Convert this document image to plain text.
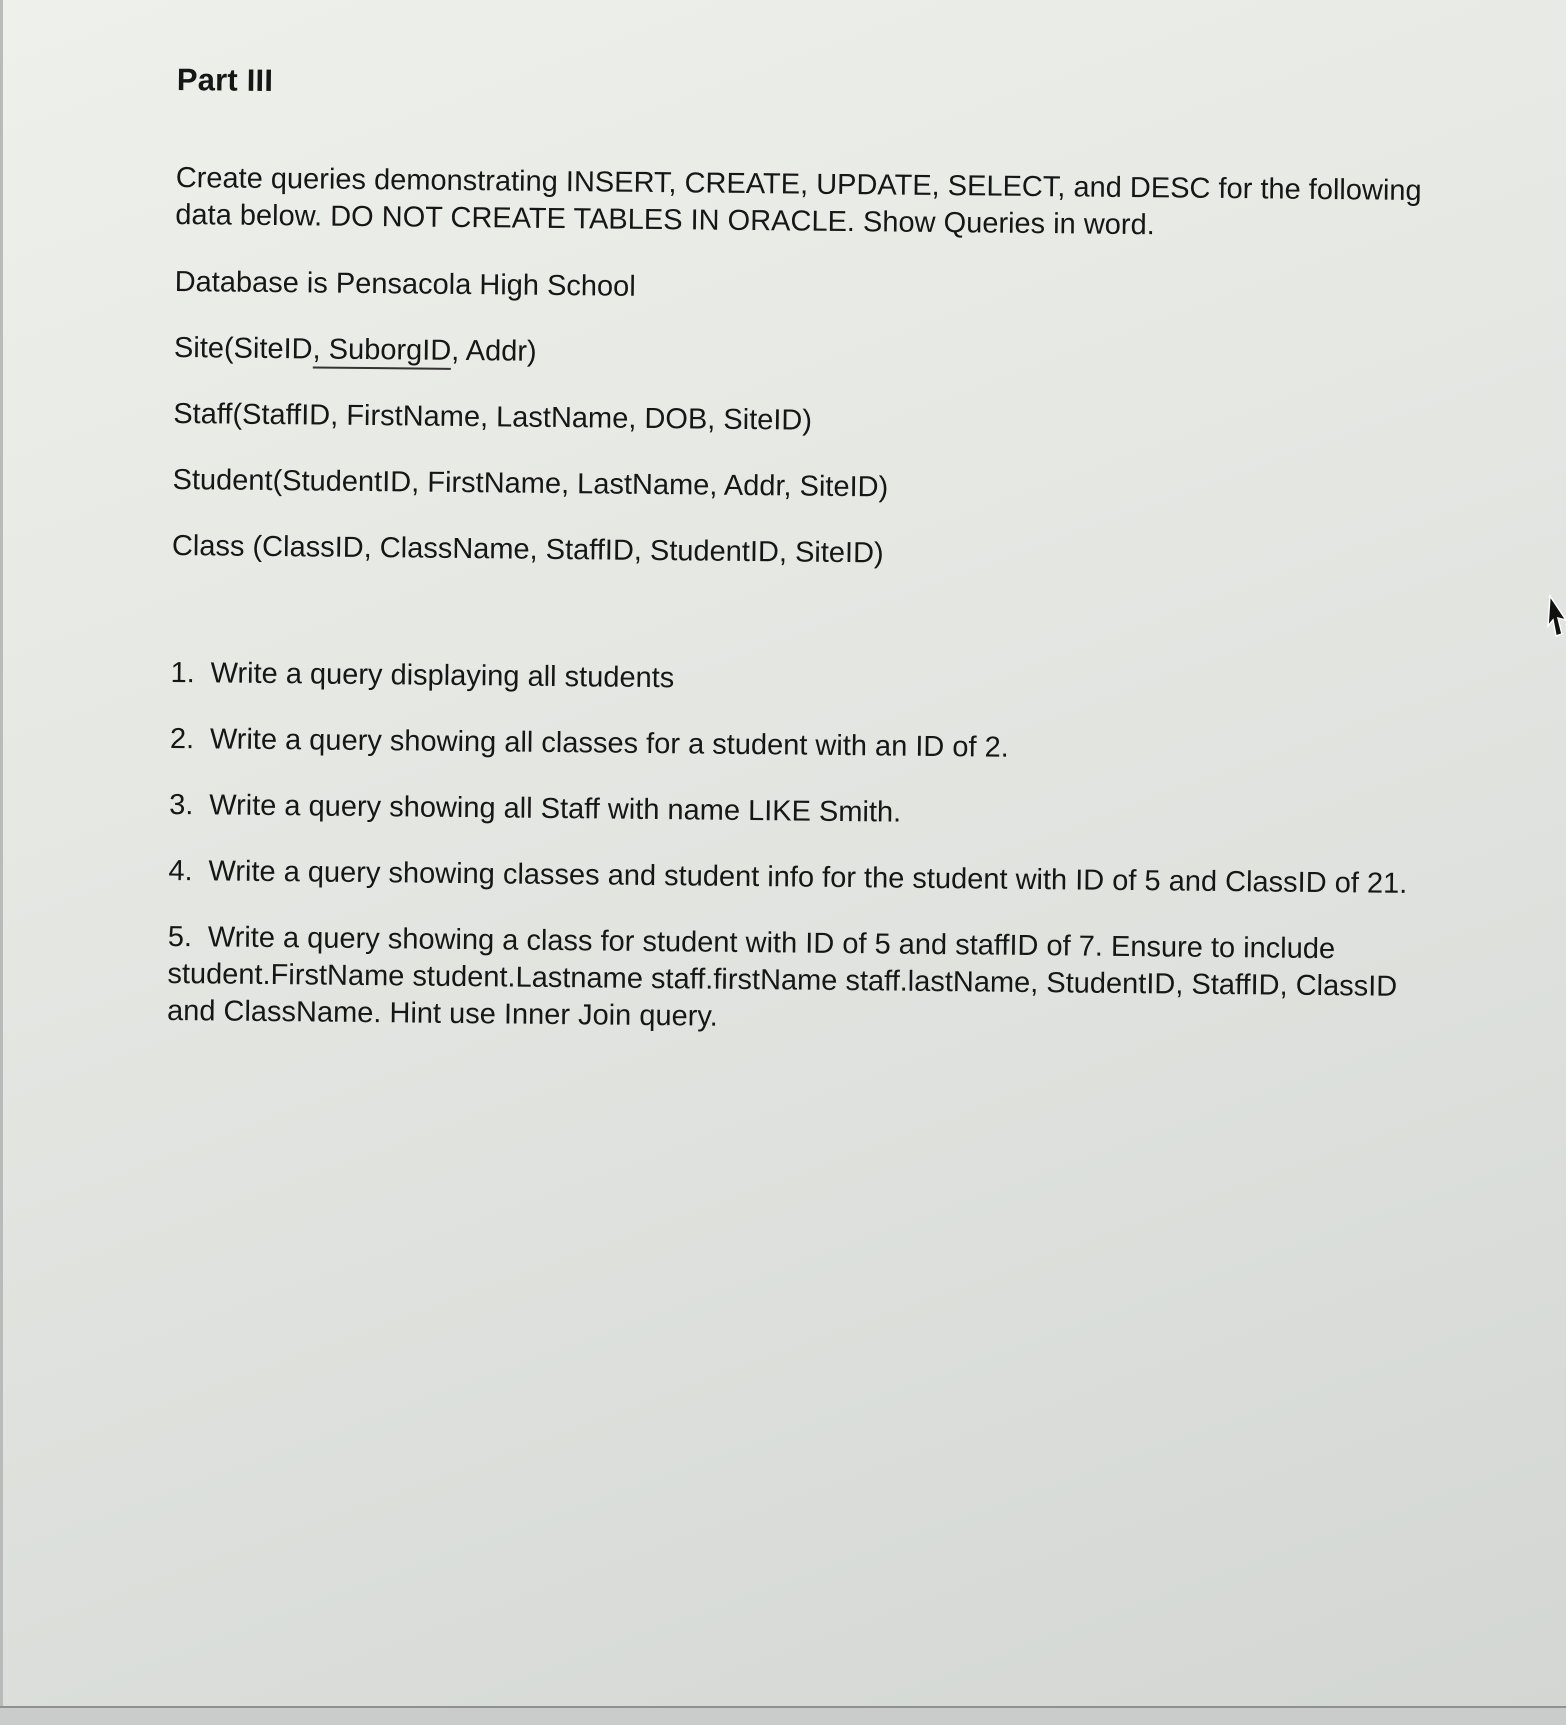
Part III

Create queries demonstrating INSERT, CREATE, UPDATE, SELECT, and DESC for the following data below. DO NOT CREATE TABLES IN ORACLE. Show Queries in word.

Database is Pensacola High School

Site(SiteID, SuborgID, Addr)

Staff(StaffID, FirstName, LastName, DOB, SiteID)

Student(StudentID, FirstName, LastName, Addr, SiteID)

Class (ClassID, ClassName, StaffID, StudentID, SiteID)

1. Write a query displaying all students
2. Write a query showing all classes for a student with an ID of 2.
3. Write a query showing all Staff with name LIKE Smith.
4. Write a query showing classes and student info for the student with ID of 5 and ClassID of 21.
5. Write a query showing a class for student with ID of 5 and staffID of 7. Ensure to include student.FirstName student.Lastname staff.firstName staff.lastName, StudentID, StaffID, ClassID and ClassName. Hint use Inner Join query.
